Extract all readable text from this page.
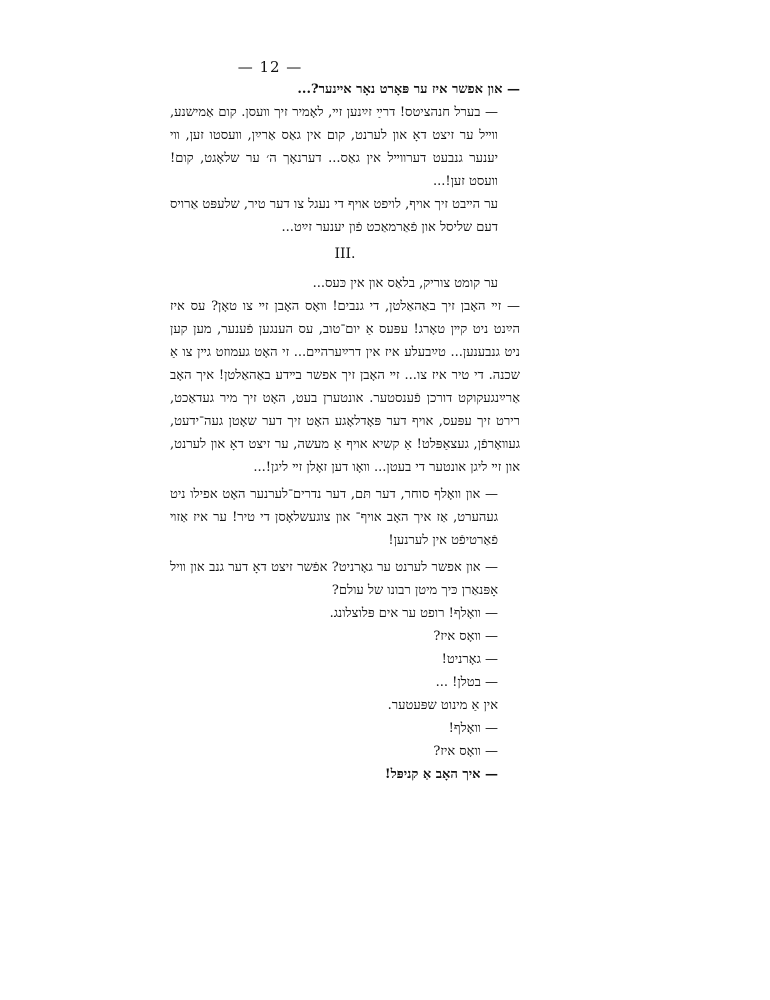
— 12 —

— און אפשר איז ער פּאָרט נאָר אײנער?...

— בערל חנהציטס! דרײַ זײַנען זײ, לאָמיר זיך װעסן. קום אַמישנע, װײל ער זיצט דאָ און לערנט, קום אין גאַס אַרײַן, װעסטו זען, װי יענער גנבעט דערװײל אין גאַס... דערנאָך ה׳ ער שלאָגט, קום! װעסט זען!...

ער הײבט זיך אויף, לויפט אויף די נעגל צו דער טיר, שלעפּט אַרויס דעם שליסל און פֿאַרמאַכט פֿון יענער זײַט...

III.

ער קומט צוריק, בלאַס און אין כּעס...

— זײ האָבן זיך באַהאַלטן, די גנבים! װאָס האָבן זײ צו טאָן? עס איז הײַנט ניט קײן טאָרג! עפּעס אַ יום־טוב, עס הענגען פֿענער, מען קען ניט גנבענען... טײַבעלע איז אין דרײַערהײם... זי האָט געמוזט גײן צו אַ שכנה. די טיר איז צו... זײ האָבן זיך אפשר בײדע באַהאַלטן! איך האָב אַרײַנגעקוקט דורכן פֿענסטער. אונטערן בעט, האָט זיך מיר געדאַכט, רירט זיך עפּעס, אויף דער פּאָדלאָגע האָט זיך דער שאָטן געה־ידעט, געװאָרפֿן, געצאַפּלט! אַ קשיא אויף אַ מעשה, ער זיצט דאָ און לערנט, און זײ ליגן אונטער די בעטן... װאָו דען זאָלן זײ ליגן!...

— און װאָלף סוחר, דער תּם, דער נדרים־לערנער האָט אפילו ניט געהערט, אַז איך האָב אויף־ און צוגעשלאָסן די טיר! ער איז אַזױ פֿאַרטיפֿט אין לערנען!

— און אפשר לערנט ער גאָרניט? אפֿשר זיצט דאָ דער גנב און װיל אָפּנאַרן כּיך מיטן רבונו של עולם?

— װאָלף! רופט ער אים פּלוצלונג.

— װאָס איז?

— גאָרניט!

— בטלן! ...

אין אַ מינוט שפּעטער.

— װאָלף!

— װאָס איז?

— איך האָב אַ קניפּל!
